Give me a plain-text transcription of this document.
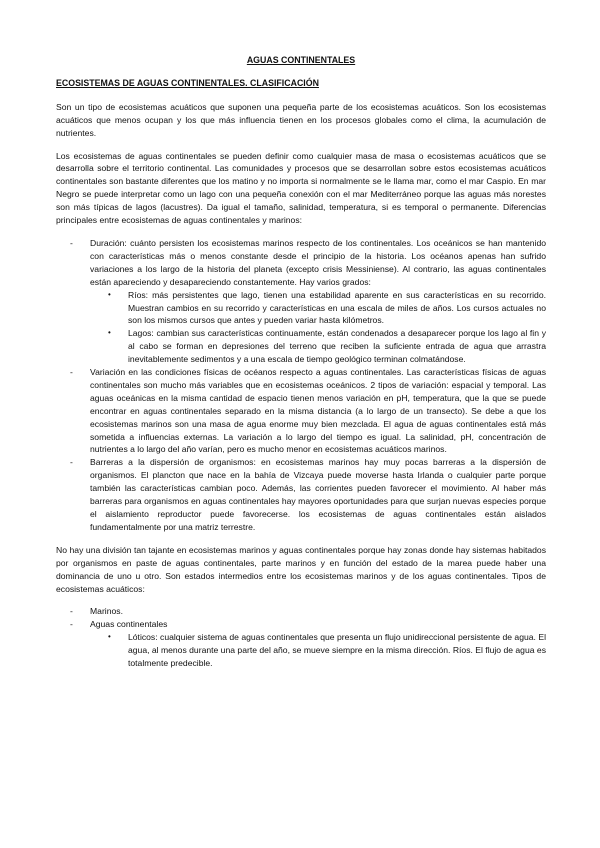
AGUAS CONTINENTALES
ECOSISTEMAS DE AGUAS CONTINENTALES. CLASIFICACIÓN

Son un tipo de ecosistemas acuáticos que suponen una pequeña parte de los ecosistemas acuáticos. Son los ecosistemas acuáticos que menos ocupan y los que más influencia tienen en los procesos globales como el clima, la acumulación de nutrientes.

Los ecosistemas de aguas continentales se pueden definir como cualquier masa de masa o ecosistemas acuáticos que se desarrolla sobre el territorio continental. Las comunidades y procesos que se desarrollan sobre estos ecosistemas acuáticos continentales son bastante diferentes que los matino y no importa si normalmente se le llama mar, como el mar Caspio. En mar Negro se puede interpretar como un lago con una pequeña conexión con el mar Mediterráneo porque las aguas más norestes son más típicas de lagos (lacustres). Da igual el tamaño, salinidad, temperatura, si es temporal o permanente. Diferencias principales entre ecosistemas de aguas continentales y marinos:

- Duración: cuánto persisten los ecosistemas marinos respecto de los continentales. Los oceánicos se han mantenido con características más o menos constante desde el principio de la historia. Los océanos apenas han sufrido variaciones a los largo de la historia del planeta (excepto crisis Messiniense). Al contrario, las aguas continentales están apareciendo y desapareciendo constantemente. Hay varios grados:
• Ríos: más persistentes que lago, tienen una estabilidad aparente en sus características en su recorrido. Muestran cambios en su recorrido y características en una escala de miles de años. Los cursos actuales no son los mismos cursos que antes y pueden variar hasta kilómetros.
• Lagos: cambian sus características continuamente, están condenados a desaparecer porque los lago al fin y al cabo se forman en depresiones del terreno que reciben la suficiente entrada de agua que arrastra inevitablemente sedimentos y a una escala de tiempo geológico terminan colmatándose.
- Variación en las condiciones físicas de océanos respecto a aguas continentales. Las características físicas de aguas continentales son mucho más variables que en ecosistemas oceánicos. 2 tipos de variación: espacial y temporal. Las aguas oceánicas en la misma cantidad de espacio tienen menos variación en pH, temperatura, que la que se puede encontrar en aguas continentales separado en la misma distancia (a lo largo de un transecto). Se debe a que los ecosistemas marinos son una masa de agua enorme muy bien mezclada. El agua de aguas continentales está más sometida a influencias externas. La variación a lo largo del tiempo es igual. La salinidad, pH, concentración de nutrientes a lo largo del año varían, pero es mucho menor en ecosistemas acuáticos marinos.
- Barreras a la dispersión de organismos: en ecosistemas marinos hay muy pocas barreras a la dispersión de organismos. El plancton que nace en la bahía de Vizcaya puede moverse hasta Irlanda o cualquier parte porque también las características cambian poco. Además, las corrientes pueden favorecer el movimiento. Al haber más barreras para organismos en aguas continentales hay mayores oportunidades para que surjan nuevas especies porque el aislamiento reproductor puede favorecerse. los ecosistemas de aguas continentales están aislados fundamentalmente por una matriz terrestre.

No hay una división tan tajante en ecosistemas marinos y aguas continentales porque hay zonas donde hay sistemas habitados por organismos en paste de aguas continentales, parte marinos y en función del estado de la marea puede haber una dominancia de uno u otro. Son estados intermedios entre los ecosistemas marinos y de los aguas continentales. Tipos de ecosistemas acuáticos:

- Marinos.
- Aguas continentales
• Lóticos: cualquier sistema de aguas continentales que presenta un flujo unidireccional persistente de agua. El agua, al menos durante una parte del año, se mueve siempre en la misma dirección. Ríos. El flujo de agua es totalmente predecible.
